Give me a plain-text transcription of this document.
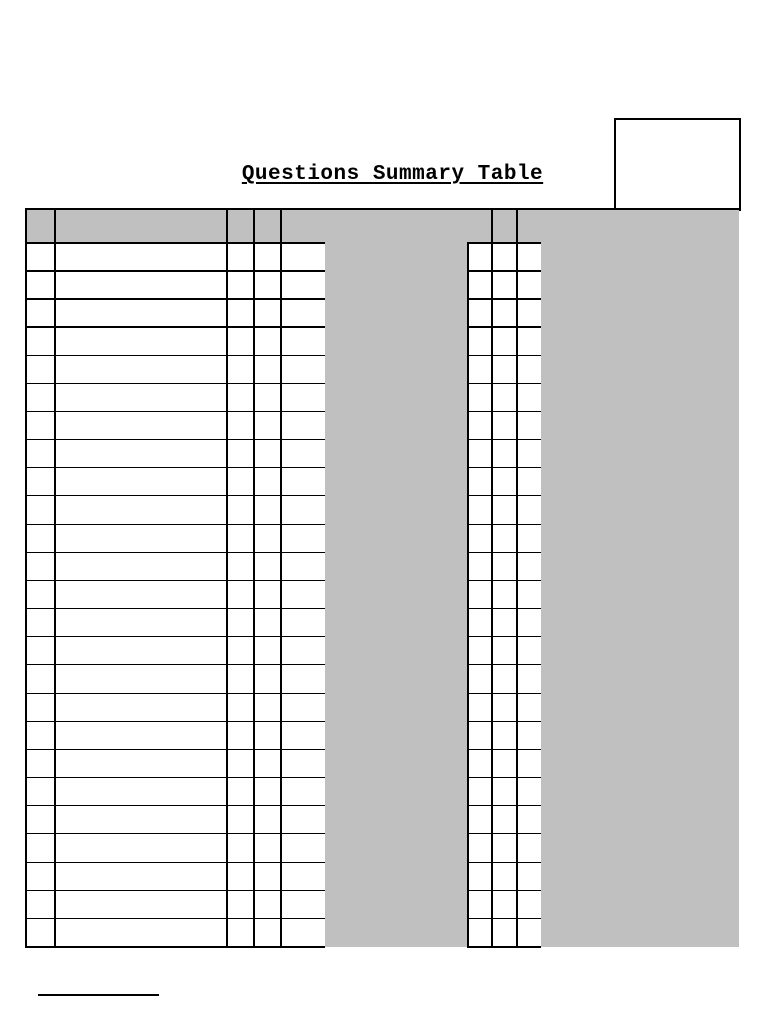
Questions Summary Table
